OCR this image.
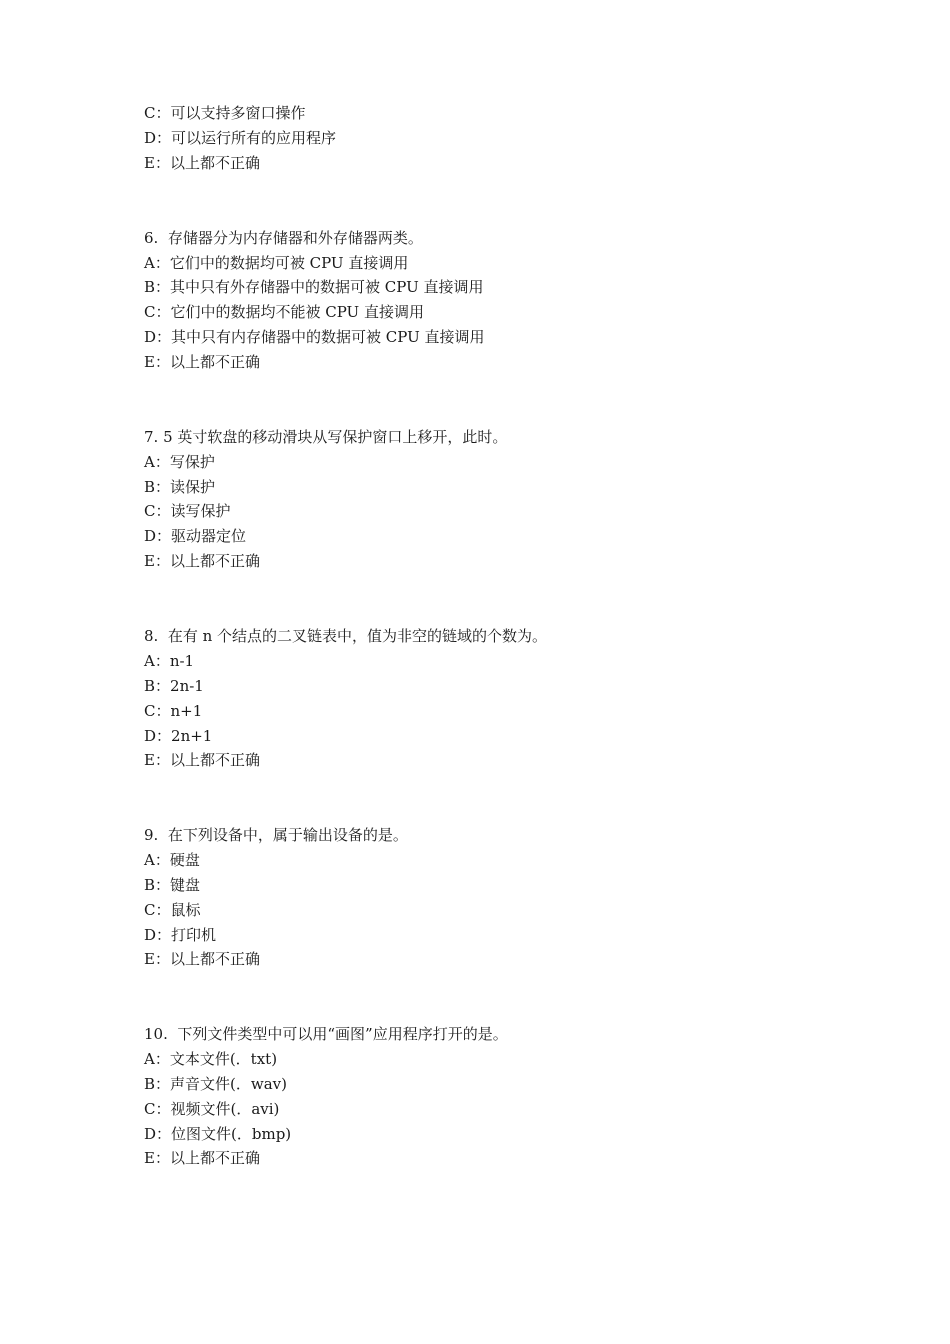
C：可以支持多窗口操作
D：可以运行所有的应用程序
E：以上都不正确
6.  存储器分为内存储器和外存储器两类。
A：它们中的数据均可被 CPU 直接调用
B：其中只有外存储器中的数据可被 CPU 直接调用
C：它们中的数据均不能被 CPU 直接调用
D：其中只有内存储器中的数据可被 CPU 直接调用
E：以上都不正确
7. 5 英寸软盘的移动滑块从写保护窗口上移开，此时。
A：写保护
B：读保护
C：读写保护
D：驱动器定位
E：以上都不正确
8.  在有 n 个结点的二叉链表中，值为非空的链域的个数为。
A：n-1
B：2n-1
C：n+1
D：2n+1
E：以上都不正确
9.  在下列设备中，属于输出设备的是。
A：硬盘
B：键盘
C：鼠标
D：打印机
E：以上都不正确
10.  下列文件类型中可以用“画图”应用程序打开的是。
A：文本文件(．txt)
B：声音文件(．wav)
C：视频文件(．avi)
D：位图文件(．bmp)
E：以上都不正确
